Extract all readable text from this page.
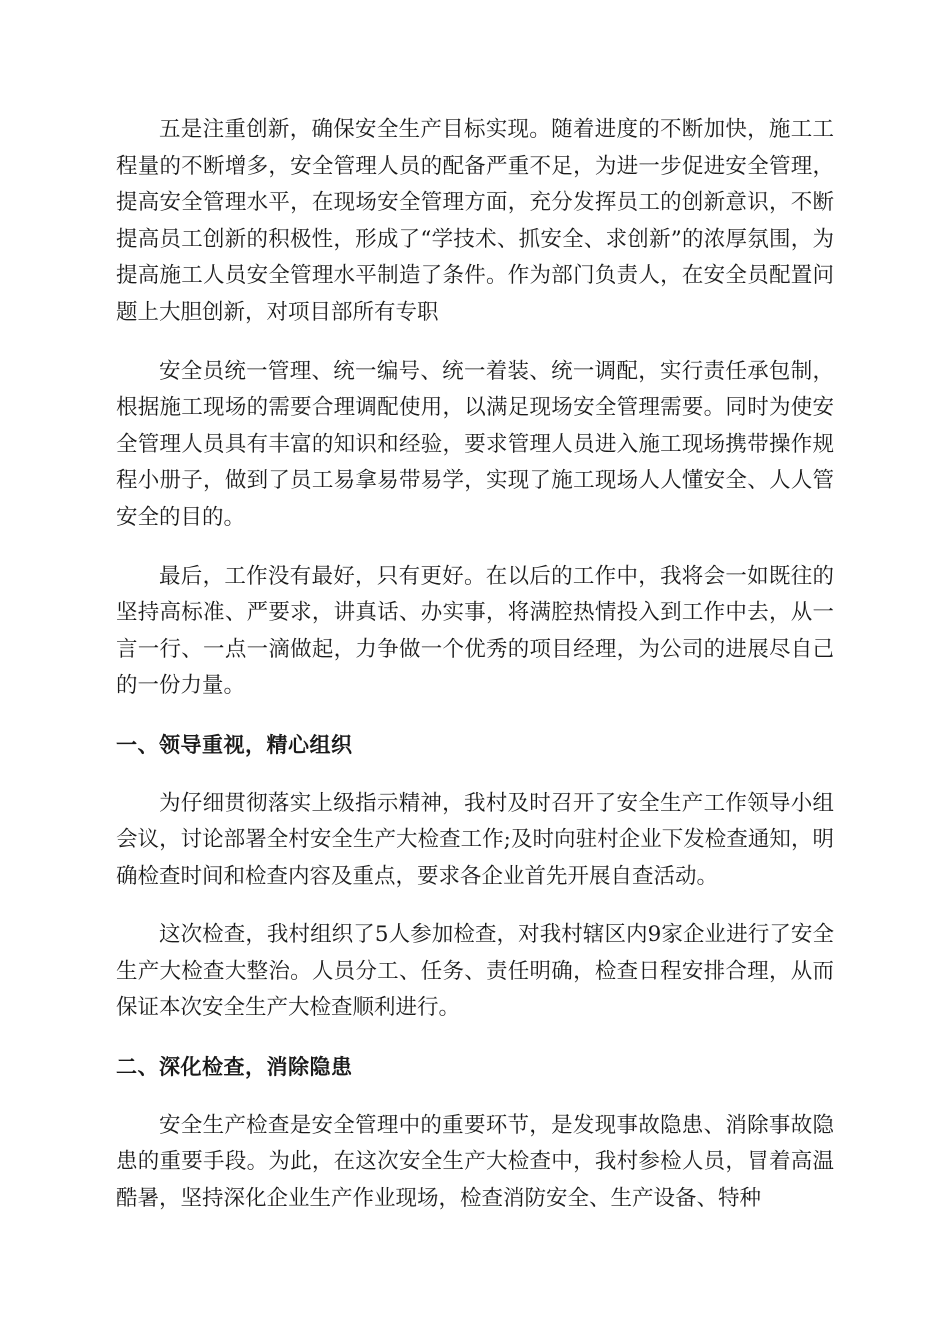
五是注重创新，确保安全生产目标实现。随着进度的不断加快，施工工程量的不断增多，安全管理人员的配备严重不足，为进一步促进安全管理，提高安全管理水平，在现场安全管理方面，充分发挥员工的创新意识，不断提高员工创新的积极性，形成了“学技术、抓安全、求创新”的浓厚氛围，为提高施工人员安全管理水平制造了条件。作为部门负责人，在安全员配置问题上大胆创新，对项目部所有专职

安全员统一管理、统一编号、统一着装、统一调配，实行责任承包制，根据施工现场的需要合理调配使用，以满足现场安全管理需要。同时为使安全管理人员具有丰富的知识和经验，要求管理人员进入施工现场携带操作规程小册子，做到了员工易拿易带易学，实现了施工现场人人懂安全、人人管安全的目的。

最后，工作没有最好，只有更好。在以后的工作中，我将会一如既往的坚持高标准、严要求，讲真话、办实事，将满腔热情投入到工作中去，从一言一行、一点一滴做起，力争做一个优秀的项目经理，为公司的进展尽自己的一份力量。

一、领导重视，精心组织

为仔细贯彻落实上级指示精神，我村及时召开了安全生产工作领导小组会议，讨论部署全村安全生产大检查工作;及时向驻村企业下发检查通知，明确检查时间和检查内容及重点，要求各企业首先开展自查活动。

这次检查，我村组织了5人参加检查，对我村辖区内9家企业进行了安全生产大检查大整治。人员分工、任务、责任明确，检查日程安排合理，从而保证本次安全生产大检查顺利进行。

二、深化检查，消除隐患

安全生产检查是安全管理中的重要环节，是发现事故隐患、消除事故隐患的重要手段。为此，在这次安全生产大检查中，我村参检人员，冒着高温酷暑，坚持深化企业生产作业现场，检查消防安全、生产设备、特种
